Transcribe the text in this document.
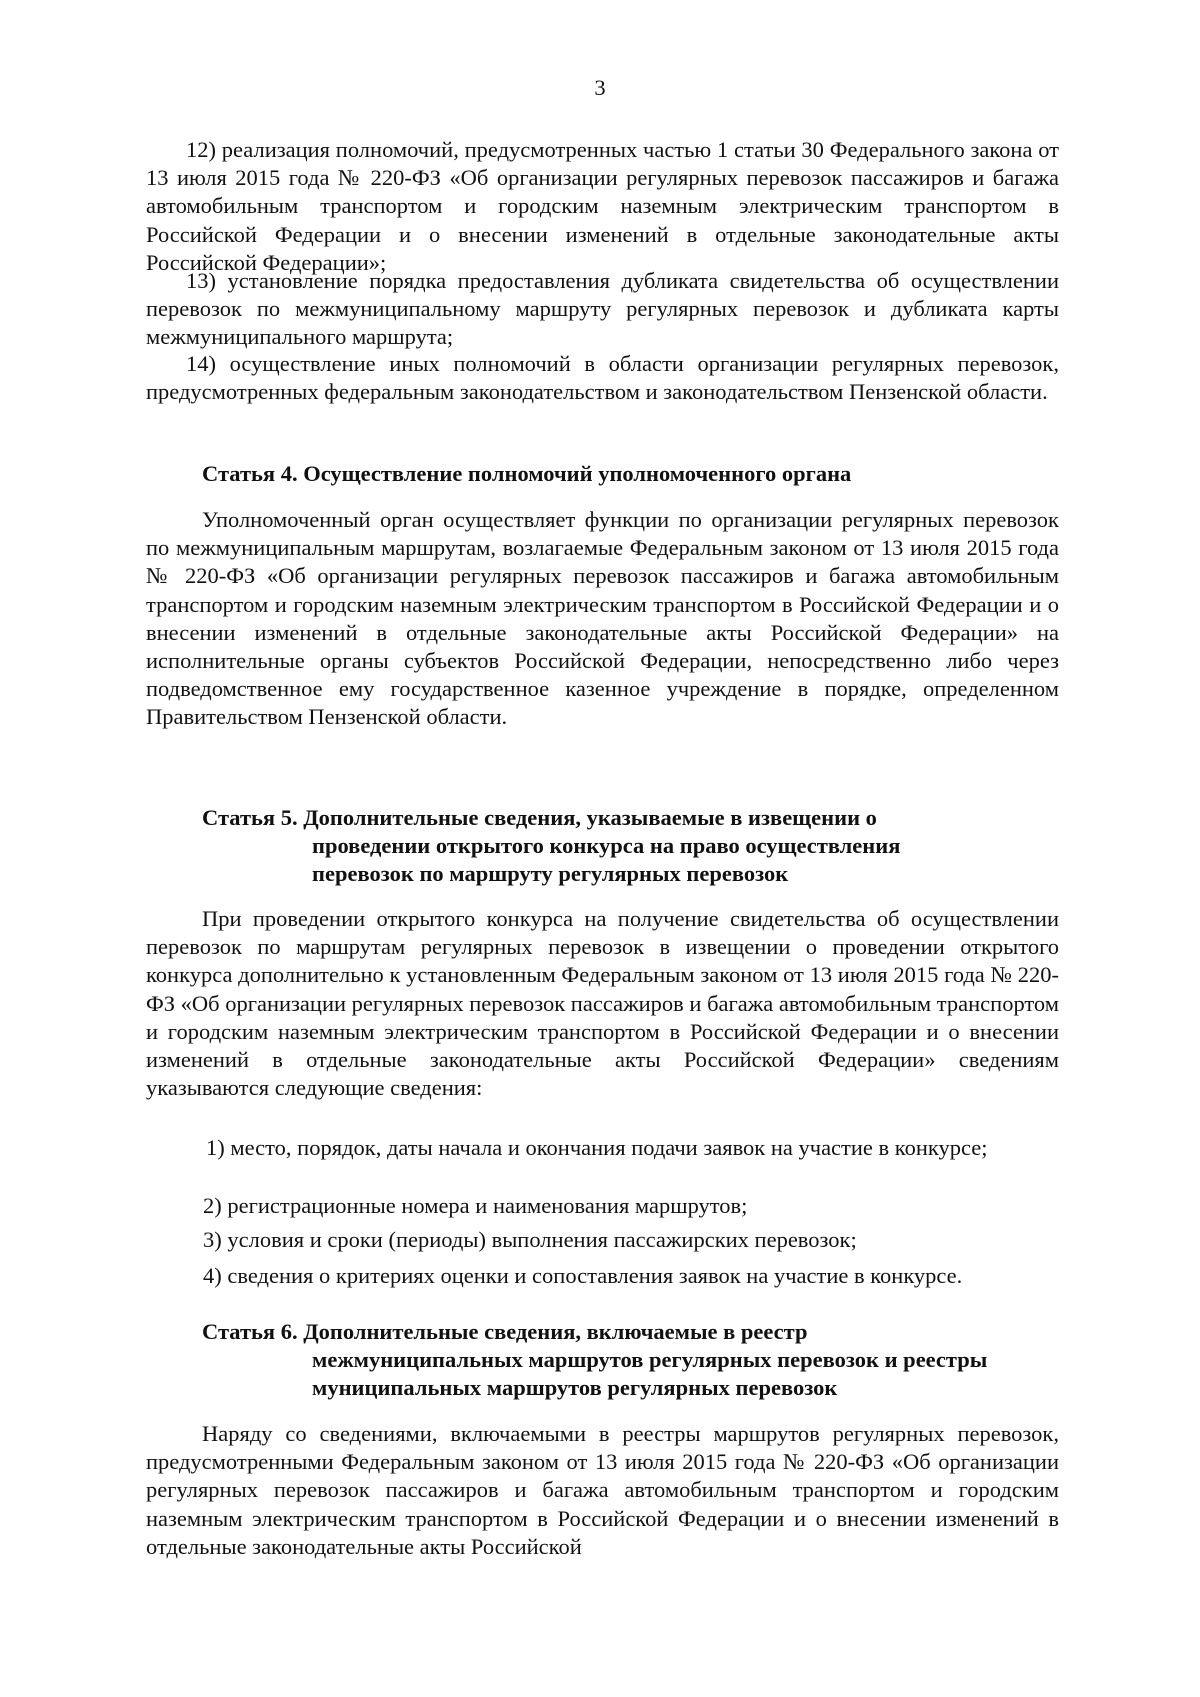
3

12) реализация полномочий, предусмотренных частью 1 статьи 30 Федерального закона от 13 июля 2015 года № 220-ФЗ «Об организации регулярных перевозок пассажиров и багажа автомобильным транспортом и городским наземным электрическим транспортом в Российской Федерации и о внесении изменений в отдельные законодательные акты Российской Федерации»;

13) установление порядка предоставления дубликата свидетельства об осуществлении перевозок по межмуниципальному маршруту регулярных перевозок и дубликата карты межмуниципального маршрута;

14) осуществление иных полномочий в области организации регулярных перевозок, предусмотренных федеральным законодательством и законодательством Пензенской области.

Статья 4. Осуществление полномочий уполномоченного органа

Уполномоченный орган осуществляет функции по организации регулярных перевозок по межмуниципальным маршрутам, возлагаемые Федеральным законом от 13 июля 2015 года № 220-ФЗ «Об организации регулярных перевозок пассажиров и багажа автомобильным транспортом и городским наземным электрическим транспортом в Российской Федерации и о внесении изменений в отдельные законодательные акты Российской Федерации» на исполнительные органы субъектов Российской Федерации, непосредственно либо через подведомственное ему государственное казенное учреждение в порядке, определенном Правительством Пензенской области.

Статья 5. Дополнительные сведения, указываемые в извещении о

проведении открытого конкурса на право осуществления

перевозок по маршруту регулярных перевозок

При проведении открытого конкурса на получение свидетельства об осуществлении перевозок по маршрутам регулярных перевозок в извещении о проведении открытого конкурса дополнительно к установленным Федеральным законом от 13 июля 2015 года № 220-ФЗ «Об организации регулярных перевозок пассажиров и багажа автомобильным транспортом и городским наземным электрическим транспортом в Российской Федерации и о внесении изменений в отдельные законодательные акты Российской Федерации» сведениям указываются следующие сведения:

1) место, порядок, даты начала и окончания подачи заявок на участие в конкурсе;

2) регистрационные номера и наименования маршрутов;

3) условия и сроки (периоды) выполнения пассажирских перевозок;

4) сведения о критериях оценки и сопоставления заявок на участие в конкурсе.

Статья 6. Дополнительные сведения, включаемые в реестр

межмуниципальных маршрутов регулярных перевозок и реестры

муниципальных маршрутов регулярных перевозок

Наряду со сведениями, включаемыми в реестры маршрутов регулярных перевозок, предусмотренными Федеральным законом от 13 июля 2015 года № 220-ФЗ «Об организации регулярных перевозок пассажиров и багажа автомобильным транспортом и городским наземным электрическим транспортом в Российской Федерации и о внесении изменений в отдельные законодательные акты Российской
